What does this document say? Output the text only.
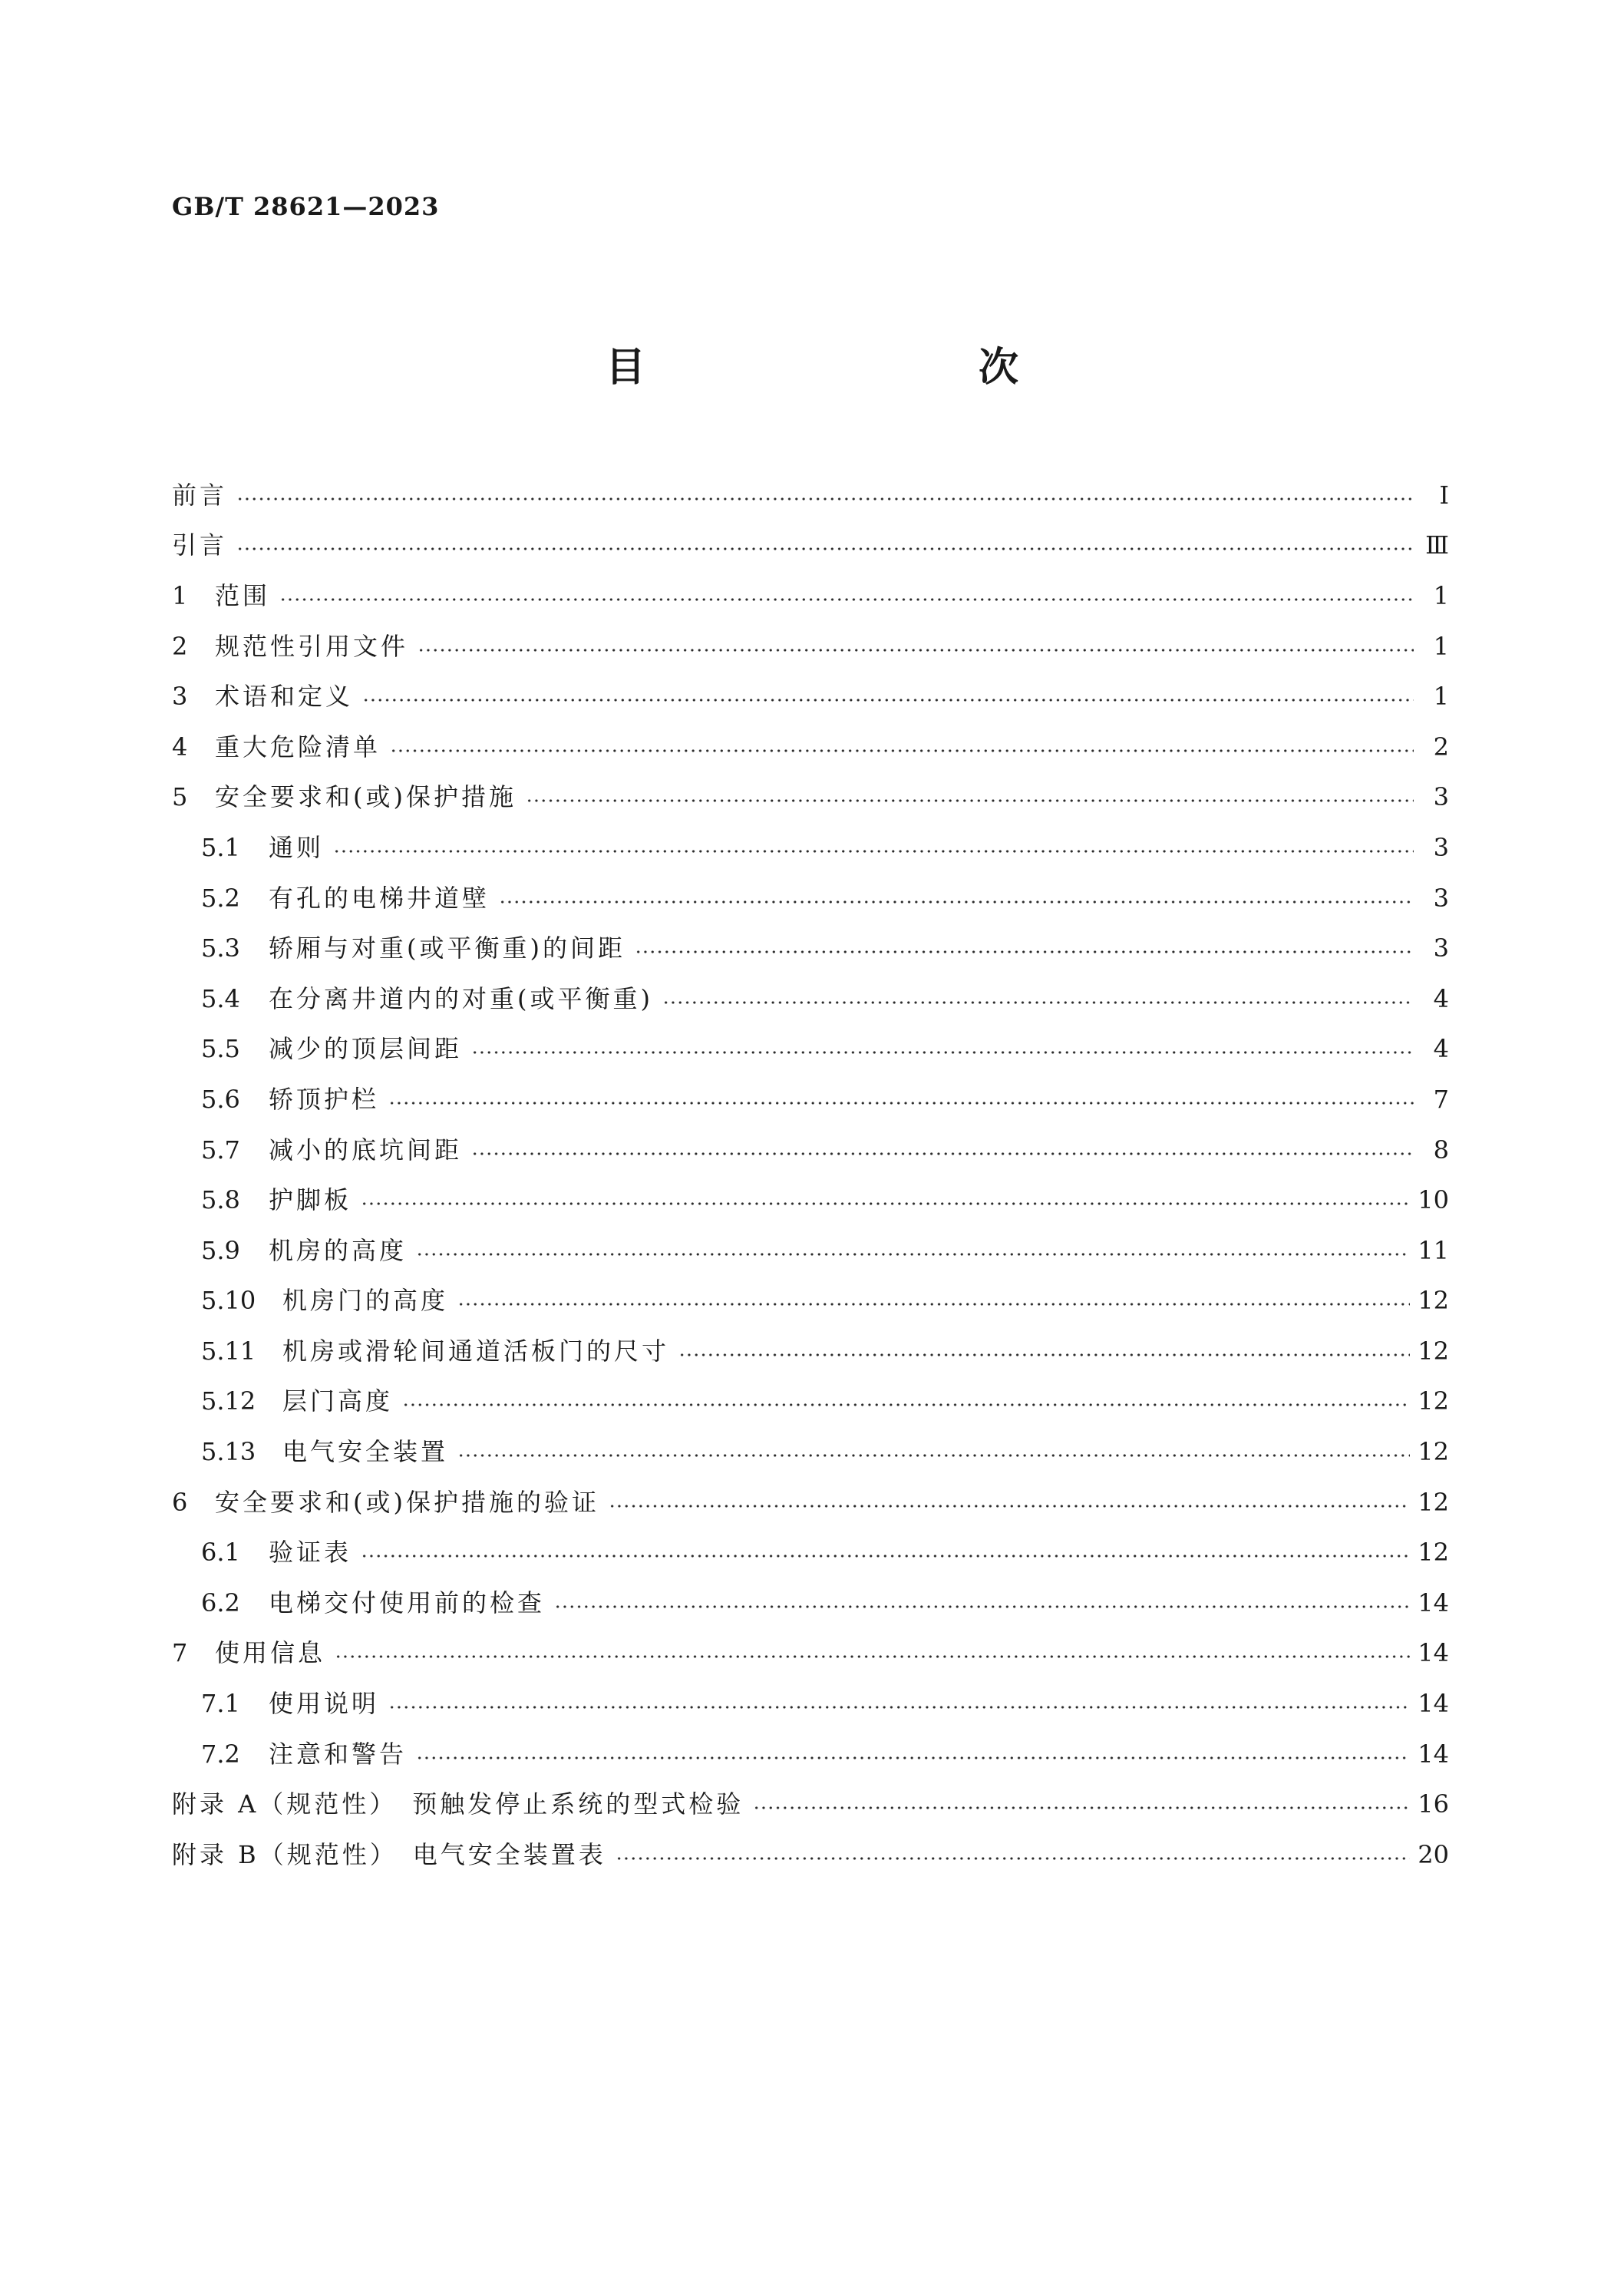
GB/T 28621—2023
目　　次
前言	Ⅰ
引言	Ⅲ
1	范围	1
2	规范性引用文件	1
3	术语和定义	1
4	重大危险清单	2
5	安全要求和(或)保护措施	3
5.1	通则	3
5.2	有孔的电梯井道壁	3
5.3	轿厢与对重(或平衡重)的间距	3
5.4	在分离井道内的对重(或平衡重)	4
5.5	减少的顶层间距	4
5.6	轿顶护栏	7
5.7	减小的底坑间距	8
5.8	护脚板	10
5.9	机房的高度	11
5.10	机房门的高度	12
5.11	机房或滑轮间通道活板门的尺寸	12
5.12	层门高度	12
5.13	电气安全装置	12
6	安全要求和(或)保护措施的验证	12
6.1	验证表	12
6.2	电梯交付使用前的检查	14
7	使用信息	14
7.1	使用说明	14
7.2	注意和警告	14
附录 A（规范性）　预触发停止系统的型式检验	16
附录 B（规范性）　电气安全装置表	20
